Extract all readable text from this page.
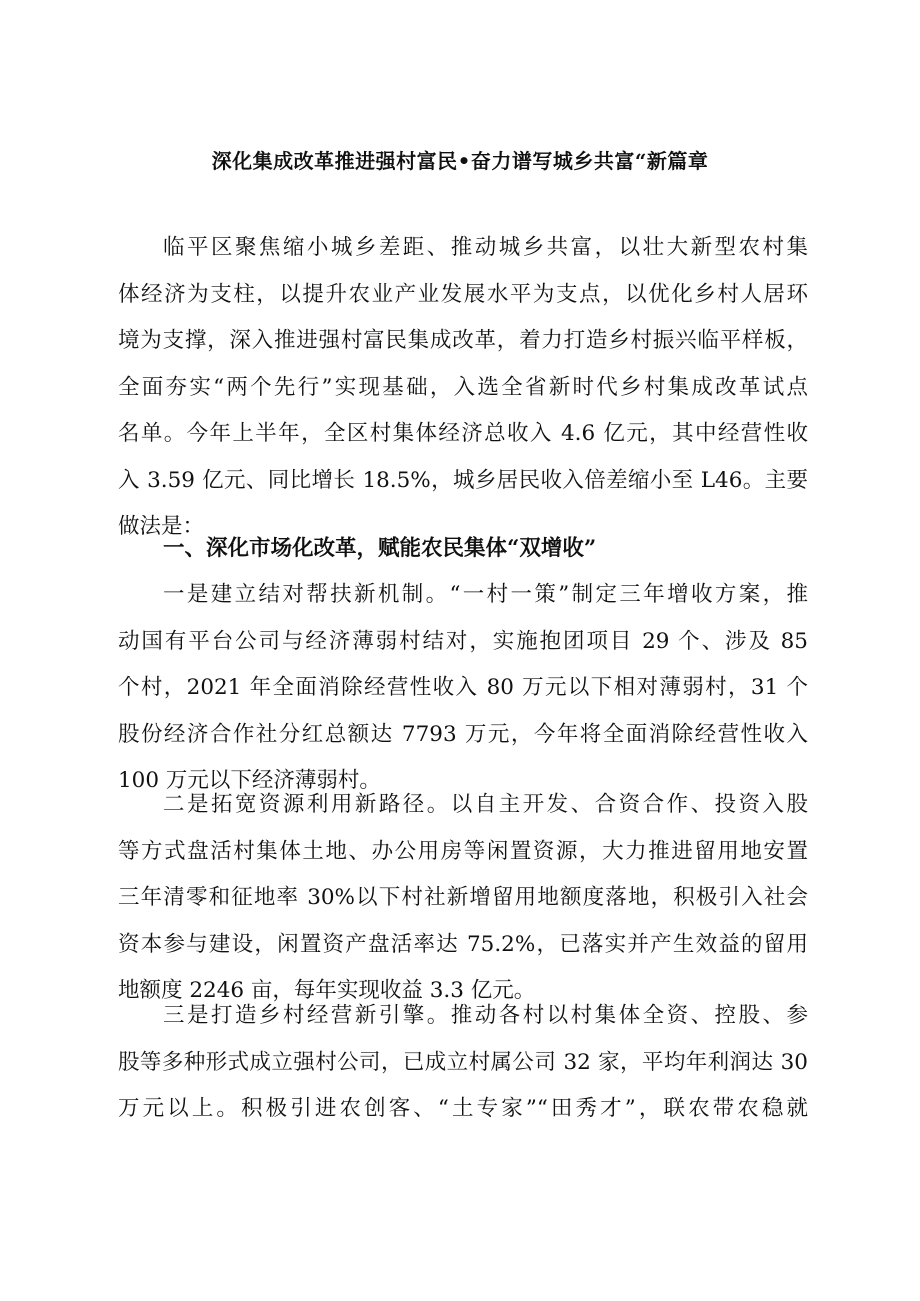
深化集成改革推进强村富民•奋力谱写城乡共富“新篇章
临平区聚焦缩小城乡差距、推动城乡共富，以壮大新型农村集
体经济为支柱，以提升农业产业发展水平为支点，以优化乡村人居环
境为支撑，深入推进强村富民集成改革，着力打造乡村振兴临平样板，
全面夯实“两个先行”实现基础，入选全省新时代乡村集成改革试点
名单。今年上半年，全区村集体经济总收入 4.6 亿元，其中经营性收
入 3.59 亿元、同比增长 18.5%，城乡居民收入倍差缩小至 L46。主要
做法是：
一、深化市场化改革，赋能农民集体“双增收”
一是建立结对帮扶新机制。“一村一策”制定三年增收方案，推
动国有平台公司与经济薄弱村结对，实施抱团项目 29 个、涉及 85
个村，2021 年全面消除经营性收入 80 万元以下相对薄弱村，31 个
股份经济合作社分红总额达 7793 万元，今年将全面消除经营性收入
100 万元以下经济薄弱村。
二是拓宽资源利用新路径。以自主开发、合资合作、投资入股
等方式盘活村集体土地、办公用房等闲置资源，大力推进留用地安置
三年清零和征地率 30%以下村社新增留用地额度落地，积极引入社会
资本参与建设，闲置资产盘活率达 75.2%，已落实并产生效益的留用
地额度 2246 亩，每年实现收益 3.3 亿元。
三是打造乡村经营新引擎。推动各村以村集体全资、控股、参
股等多种形式成立强村公司，已成立村属公司 32 家，平均年利润达 30
万元以上。积极引进农创客、“土专家”“田秀才”，联农带农稳就
